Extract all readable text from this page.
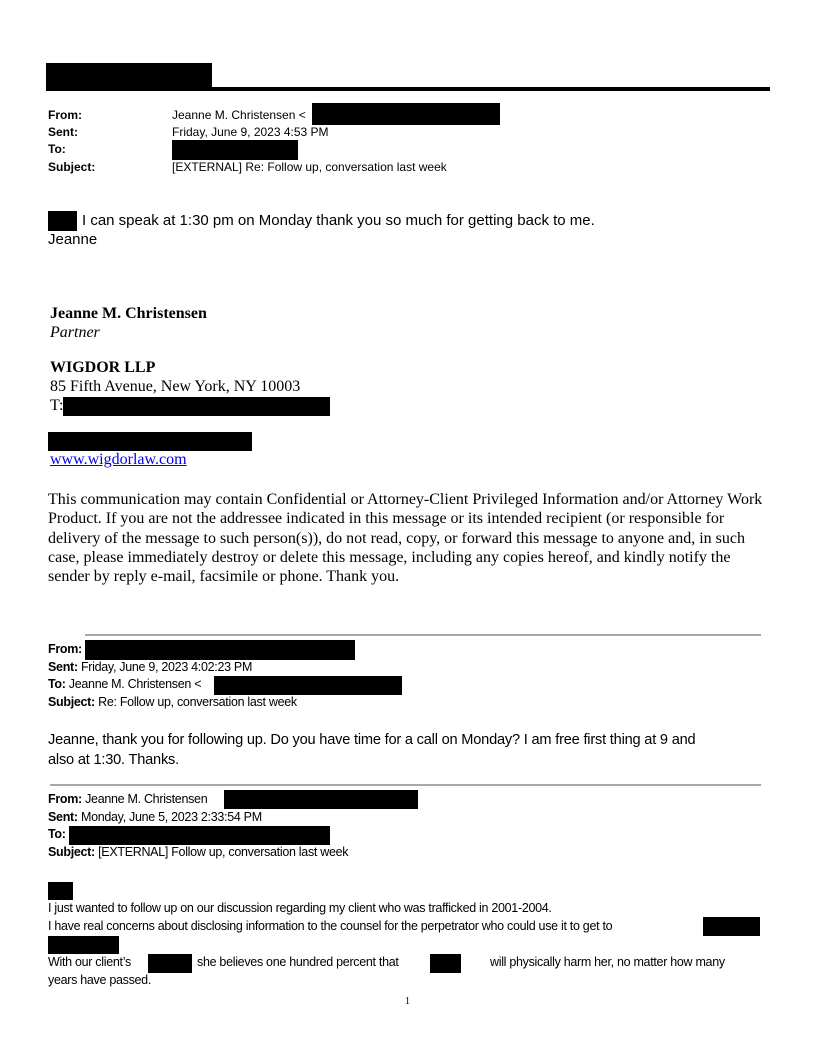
From:	Jeanne M. Christensen <
Sent:	Friday, June 9, 2023 4:53 PM
To:
Subject:	[EXTERNAL] Re: Follow up, conversation last week
I can speak at 1:30 pm on Monday thank you so much for getting back to me.
Jeanne
Jeanne M. Christensen
Partner
WIGDOR LLP
85 Fifth Avenue, New York, NY 10003
T:
www.wigdorlaw.com
This communication may contain Confidential or Attorney-Client Privileged Information and/or Attorney Work Product. If you are not the addressee indicated in this message or its intended recipient (or responsible for delivery of the message to such person(s)), do not read, copy, or forward this message to anyone and, in such case, please immediately destroy or delete this message, including any copies hereof, and kindly notify the sender by reply e-mail, facsimile or phone. Thank you.
From:
Sent: Friday, June 9, 2023 4:02:23 PM
To: Jeanne M. Christensen <
Subject: Re: Follow up, conversation last week
Jeanne, thank you for following up. Do you have time for a call on Monday? I am free first thing at 9 and
also at 1:30. Thanks.
From: Jeanne M. Christensen
Sent: Monday, June 5, 2023 2:33:54 PM
To:
Subject: [EXTERNAL] Follow up, conversation last week
I just wanted to follow up on our discussion regarding my client who was trafficked in 2001-2004.
I have real concerns about disclosing information to the counsel for the perpetrator who could use it to get to
With our client’s	she believes one hundred percent that	will physically harm her, no matter how many
years have passed.
1
